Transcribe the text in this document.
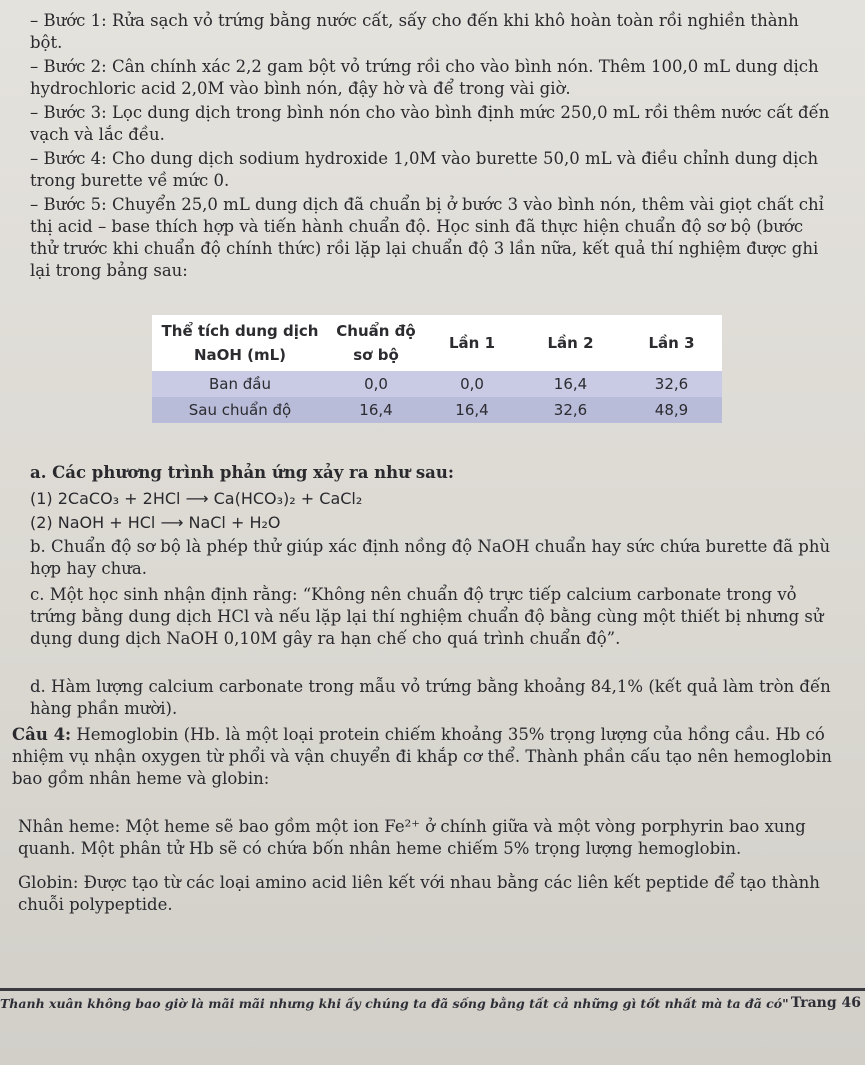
– Bước 1: Rửa sạch vỏ trứng bằng nước cất, sấy cho đến khi khô hoàn toàn rồi nghiền thành bột.

– Bước 2: Cân chính xác 2,2 gam bột vỏ trứng rồi cho vào bình nón. Thêm 100,0 mL dung dịch hydrochloric acid 2,0M vào bình nón, đậy hờ và để trong vài giờ.

– Bước 3: Lọc dung dịch trong bình nón cho vào bình định mức 250,0 mL rồi thêm nước cất đến vạch và lắc đều.

– Bước 4: Cho dung dịch sodium hydroxide 1,0M vào burette 50,0 mL và điều chỉnh dung dịch trong burette về mức 0.

– Bước 5: Chuyển 25,0 mL dung dịch đã chuẩn bị ở bước 3 vào bình nón, thêm vài giọt chất chỉ thị acid – base thích hợp và tiến hành chuẩn độ. Học sinh đã thực hiện chuẩn độ sơ bộ (bước thử trước khi chuẩn độ chính thức) rồi lặp lại chuẩn độ 3 lần nữa, kết quả thí nghiệm được ghi lại trong bảng sau:

Thể tích dung dịch NaOH (mL)	Chuẩn độ sơ bộ	Lần 1	Lần 2	Lần 3
Ban đầu	0,0	0,0	16,4	32,6
Sau chuẩn độ	16,4	16,4	32,6	48,9

a. Các phương trình phản ứng xảy ra như sau:

(1) 2CaCO₃ + 2HCl ⟶ Ca(HCO₃)₂ + CaCl₂

(2) NaOH + HCl ⟶ NaCl + H₂O

b. Chuẩn độ sơ bộ là phép thử giúp xác định nồng độ NaOH chuẩn hay sức chứa burette đã phù hợp hay chưa.

c. Một học sinh nhận định rằng: “Không nên chuẩn độ trực tiếp calcium carbonate trong vỏ trứng bằng dung dịch HCl và nếu lặp lại thí nghiệm chuẩn độ bằng cùng một thiết bị nhưng sử dụng dung dịch NaOH 0,10M gây ra hạn chế cho quá trình chuẩn độ”.

d. Hàm lượng calcium carbonate trong mẫu vỏ trứng bằng khoảng 84,1% (kết quả làm tròn đến hàng phần mười).

Câu 4: Hemoglobin (Hb. là một loại protein chiếm khoảng 35% trọng lượng của hồng cầu. Hb có nhiệm vụ nhận oxygen từ phổi và vận chuyển đi khắp cơ thể. Thành phần cấu tạo nên hemoglobin bao gồm nhân heme và globin:

Nhân heme: Một heme sẽ bao gồm một ion Fe²⁺ ở chính giữa và một vòng porphyrin bao xung quanh. Một phân tử Hb sẽ có chứa bốn nhân heme chiếm 5% trọng lượng hemoglobin.

Globin: Được tạo từ các loại amino acid liên kết với nhau bằng các liên kết peptide để tạo thành chuỗi polypeptide.

Thanh xuân không bao giờ là mãi mãi nhưng khi ấy chúng ta đã sống bằng tất cả những gì tốt nhất mà ta đã có" Trang 46
